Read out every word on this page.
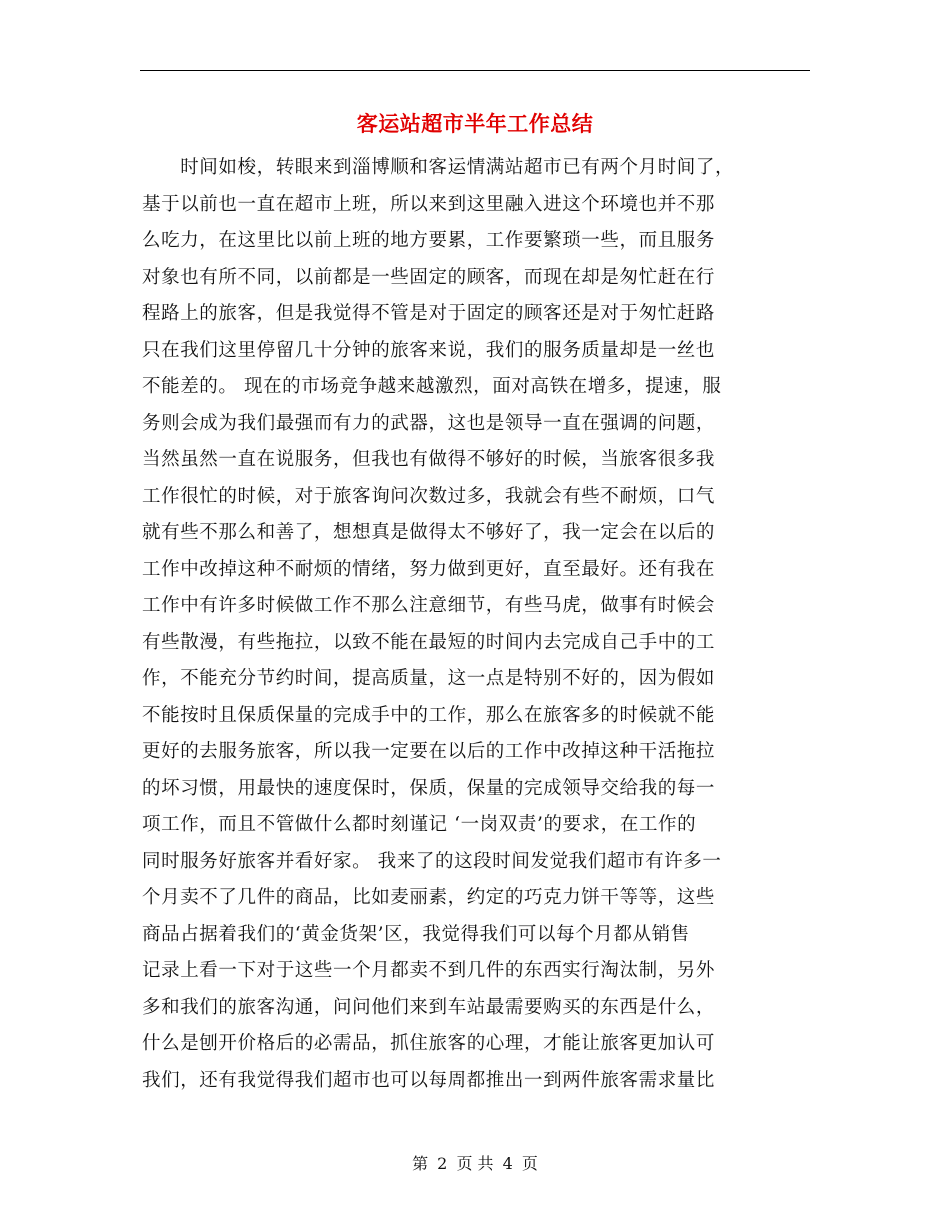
客运站超市半年工作总结
　　时间如梭，转眼来到淄博顺和客运情满站超市已有两个月时间了，
基于以前也一直在超市上班，所以来到这里融入进这个环境也并不那
么吃力，在这里比以前上班的地方要累，工作要繁琐一些，而且服务
对象也有所不同，以前都是一些固定的顾客，而现在却是匆忙赶在行
程路上的旅客，但是我觉得不管是对于固定的顾客还是对于匆忙赶路
只在我们这里停留几十分钟的旅客来说，我们的服务质量却是一丝也
不能差的。 现在的市场竞争越来越激烈，面对高铁在增多，提速，服
务则会成为我们最强而有力的武器，这也是领导一直在强调的问题，
当然虽然一直在说服务，但我也有做得不够好的时候，当旅客很多我
工作很忙的时候，对于旅客询问次数过多，我就会有些不耐烦，口气
就有些不那么和善了，想想真是做得太不够好了，我一定会在以后的
工作中改掉这种不耐烦的情绪，努力做到更好，直至最好。还有我在
工作中有许多时候做工作不那么注意细节，有些马虎，做事有时候会
有些散漫，有些拖拉，以致不能在最短的时间内去完成自己手中的工
作，不能充分节约时间，提高质量，这一点是特别不好的，因为假如
不能按时且保质保量的完成手中的工作，那么在旅客多的时候就不能
更好的去服务旅客，所以我一定要在以后的工作中改掉这种干活拖拉
的坏习惯，用最快的速度保时，保质，保量的完成领导交给我的每一
项工作，而且不管做什么都时刻谨记 ‘一岗双责’的要求，在工作的
同时服务好旅客并看好家。 我来了的这段时间发觉我们超市有许多一
个月卖不了几件的商品，比如麦丽素，约定的巧克力饼干等等，这些
商品占据着我们的‘黄金货架’区，我觉得我们可以每个月都从销售
记录上看一下对于这些一个月都卖不到几件的东西实行淘汰制，另外
多和我们的旅客沟通，问问他们来到车站最需要购买的东西是什么，
什么是刨开价格后的必需品，抓住旅客的心理，才能让旅客更加认可
我们，还有我觉得我们超市也可以每周都推出一到两件旅客需求量比
第 2 页 共 4 页
